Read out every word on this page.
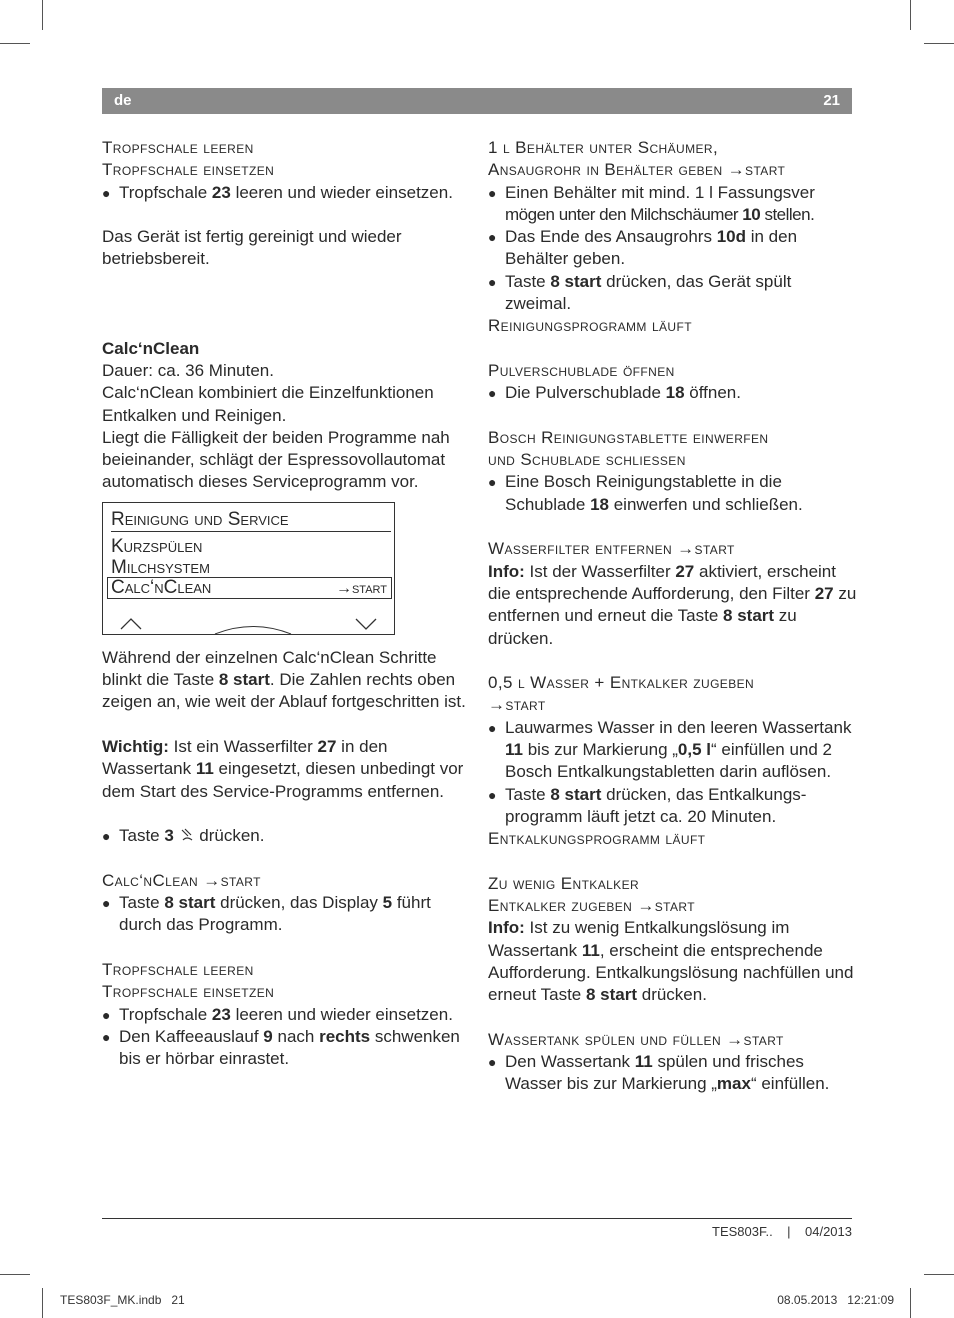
de	21
Tropfschale leeren
Tropfschale einsetzen
● Tropfschale 23 leeren und wieder einsetzen.
Das Gerät ist fertig gereinigt und wieder betriebsbereit.
Calc‘nClean
Dauer: ca. 36 Minuten.
Calc‘nClean kombiniert die Einzelfunktionen Entkalken und Reinigen.
Liegt die Fälligkeit der beiden Programme nah beieinander, schlägt der Espressovollautomat automatisch dieses Serviceprogramm vor.
Reinigung und Service
Kurzspülen
Milchsystem
Calc‘nClean	→start
Während der einzelnen Calc‘nClean Schritte blinkt die Taste 8 start. Die Zahlen rechts oben zeigen an, wie weit der Ablauf fortgeschritten ist.
Wichtig: Ist ein Wasserfilter 27 in den Wassertank 11 eingesetzt, diesen unbedingt vor dem Start des Service-Programms entfernen.
● Taste 3  drücken.
Calc‘nClean →start
● Taste 8 start drücken, das Display 5 führt durch das Programm.
Tropfschale leeren
Tropfschale einsetzen
● Tropfschale 23 leeren und wieder einsetzen.
● Den Kaffeeauslauf 9 nach rechts schwenken bis er hörbar einrastet.
1 l Behälter unter Schäumer,
Ansaugrohr in Behälter geben →start
● Einen Behälter mit mind. 1 l Fassungsver
mögen unter den Milchschäumer 10 stellen.
● Das Ende des Ansaugrohrs 10d in den Behälter geben.
● Taste 8 start drücken, das Gerät spült zweimal.
Reinigungsprogramm läuft
Pulverschublade öffnen
● Die Pulverschublade 18 öffnen.
Bosch Reinigungstablette einwerfen
und Schublade schliessen
● Eine Bosch Reinigungstablette in die Schublade 18 einwerfen und schließen.
Wasserfilter entfernen →start
Info: Ist der Wasserfilter 27 aktiviert, erscheint die entsprechende Aufforderung, den Filter 27 zu entfernen und erneut die Taste 8 start zu drücken.
0,5 l Wasser + Entkalker zugeben
→start
● Lauwarmes Wasser in den leeren Wassertank 11 bis zur Markierung „0,5 l“ einfüllen und 2 Bosch Entkalkungstabletten darin auflösen.
● Taste 8 start drücken, das Entkalkungsprogramm läuft jetzt ca. 20 Minuten.
Entkalkungsprogramm läuft
Zu wenig Entkalker
Entkalker zugeben →start
Info: Ist zu wenig Entkalkungslösung im Wassertank 11, erscheint die entsprechende Aufforderung. Entkalkungslösung nachfüllen und erneut Taste 8 start drücken.
Wassertank spülen und füllen →start
● Den Wassertank 11 spülen und frisches Wasser bis zur Markierung „max“ einfüllen.
TES803F.. | 04/2013
TES803F_MK.indb   21	08.05.2013   12:21:09
